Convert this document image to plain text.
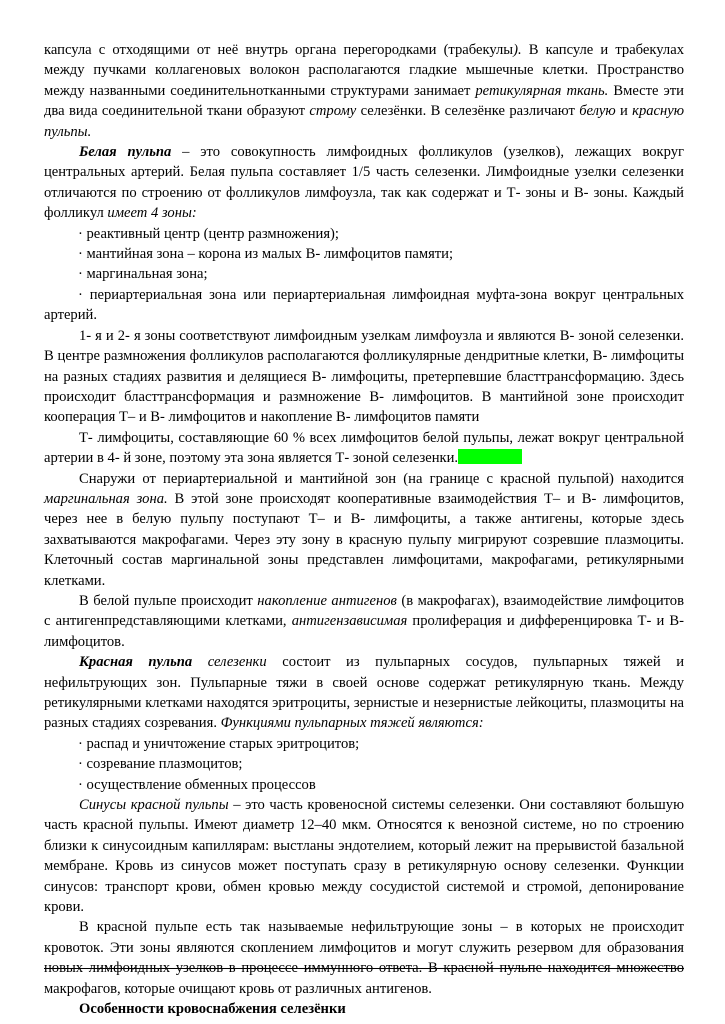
капсула с отходящими от неё внутрь органа перегородками (трабекулы). В капсуле и трабекулах между пучками коллагеновых волокон располагаются гладкие мышечные клетки. Пространство между названными соединительнотканными структурами занимает ретикулярная ткань. Вместе эти два вида соединительной ткани образуют строму селезёнки. В селезёнке различают белую и красную пульпы.

Белая пульпа – это совокупность лимфоидных фолликулов (узелков), лежащих вокруг центральных артерий. Белая пульпа составляет 1/5 часть селезенки. Лимфоидные узелки селезенки отличаются по строению от фолликулов лимфоузла, так как содержат и Т- зоны и В- зоны. Каждый фолликул имеет 4 зоны:

· реактивный центр (центр размножения);

· мантийная зона – корона из малых В- лимфоцитов памяти;

· маргинальная зона;

· периартериальная зона или периартериальная лимфоидная муфта-зона вокруг центральных артерий.

1- я и 2- я зоны соответствуют лимфоидным узелкам лимфоузла и являются В- зоной селезенки. В центре размножения фолликулов располагаются фолликулярные дендритные клетки, В- лимфоциты на разных стадиях развития и делящиеся В- лимфоциты, претерпевшие бласттрансформацию. Здесь происходит бласттрансформация и размножение В- лимфоцитов. В мантийной зоне происходит кооперация Т– и В- лимфоцитов и накопление В- лимфоцитов памяти

Т- лимфоциты, составляющие 60 % всех лимфоцитов белой пульпы, лежат вокруг центральной артерии в 4- й зоне, поэтому эта зона является Т- зоной селезенки.

Снаружи от периартериальной и мантийной зон (на границе с красной пульпой) находится маргинальная зона. В этой зоне происходят кооперативные взаимодействия Т– и В- лимфоцитов, через нее в белую пульпу поступают Т– и В- лимфоциты, а также антигены, которые здесь захватываются макрофагами. Через эту зону в красную пульпу мигрируют созревшие плазмоциты. Клеточный состав маргинальной зоны представлен лимфоцитами, макрофагами, ретикулярными клетками.

В белой пульпе происходит накопление антигенов (в макрофагах), взаимодействие лимфоцитов с антигенпредставляющими клетками, антигензависимая пролиферация и дифференцировка Т- и В- лимфоцитов.

Красная пульпа селезенки состоит из пульпарных сосудов, пульпарных тяжей и нефильтрующих зон. Пульпарные тяжи в своей основе содержат ретикулярную ткань. Между ретикулярными клетками находятся эритроциты, зернистые и незернистые лейкоциты, плазмоциты на разных стадиях созревания. Функциями пульпарных тяжей являются:

· распад и уничтожение старых эритроцитов;

· созревание плазмоцитов;

· осуществление обменных процессов

Синусы красной пульпы – это часть кровеносной системы селезенки. Они составляют большую часть красной пульпы. Имеют диаметр 12–40 мкм. Относятся к венозной системе, но по строению близки к синусоидным капиллярам: выстланы эндотелием, который лежит на прерывистой базальной мембране. Кровь из синусов может поступать сразу в ретикулярную основу селезенки. Функции синусов: транспорт крови, обмен кровью между сосудистой системой и стромой, депонирование крови.

В красной пульпе есть так называемые нефильтрующие зоны – в которых не происходит кровоток. Эти зоны являются скоплением лимфоцитов и могут служить резервом для образования новых лимфоидных узелков в процессе иммунного ответа. В красной пульпе находится множество макрофагов, которые очищают кровь от различных антигенов.

Особенности кровоснабжения селезёнки
